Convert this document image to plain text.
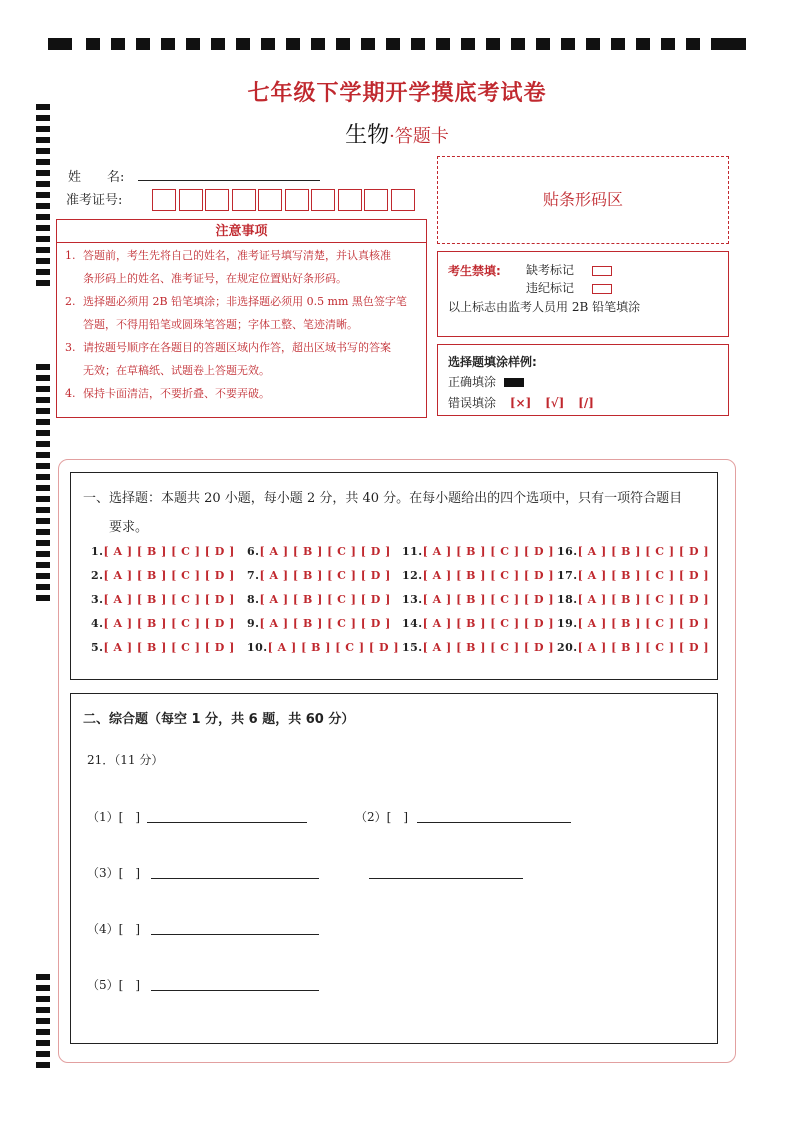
七年级下学期开学摸底考试卷
生物·答题卡
姓　　名:
准考证号:	贴条形码区
注意事项
1. 答题前，考生先将自己的姓名，准考证号填写清楚，并认真核准
条形码上的姓名、准考证号，在规定位置贴好条形码。
2. 选择题必须用 2B 铅笔填涂；非选择题必须用 0.5 mm 黑色签字笔
答题，不得用铅笔或圆珠笔答题；字体工整、笔迹清晰。
3. 请按题号顺序在各题目的答题区域内作答，超出区域书写的答案
无效；在草稿纸、试题卷上答题无效。
4. 保持卡面清洁，不要折叠、不要弄破。
考生禁填: 缺考标记
违纪标记
以上标志由监考人员用 2B 铅笔填涂
选择题填涂样例:
正确填涂
错误填涂 [×] [√] [/]
一、选择题：本题共 20 小题，每小题 2 分，共 40 分。在每小题给出的四个选项中，只有一项符合题目
要求。
1.[ A ] [ B ] [ C ] [ D ]
2.[ A ] [ B ] [ C ] [ D ]
3.[ A ] [ B ] [ C ] [ D ]
4.[ A ] [ B ] [ C ] [ D ]
5.[ A ] [ B ] [ C ] [ D ]
6.[ A ] [ B ] [ C ] [ D ]
7.[ A ] [ B ] [ C ] [ D ]
8.[ A ] [ B ] [ C ] [ D ]
9.[ A ] [ B ] [ C ] [ D ]
10.[ A ] [ B ] [ C ] [ D ]
11.[ A ] [ B ] [ C ] [ D ]
12.[ A ] [ B ] [ C ] [ D ]
13.[ A ] [ B ] [ C ] [ D ]
14.[ A ] [ B ] [ C ] [ D ]
15.[ A ] [ B ] [ C ] [ D ]
16.[ A ] [ B ] [ C ] [ D ]
17.[ A ] [ B ] [ C ] [ D ]
18.[ A ] [ B ] [ C ] [ D ]
19.[ A ] [ B ] [ C ] [ D ]
20.[ A ] [ B ] [ C ] [ D ]
二、综合题（每空 1 分，共 6 题，共 60 分）
21．（11 分）
（1）[　]	（2）[　]
（3）[　]
（4）[　]
（5）[　]
